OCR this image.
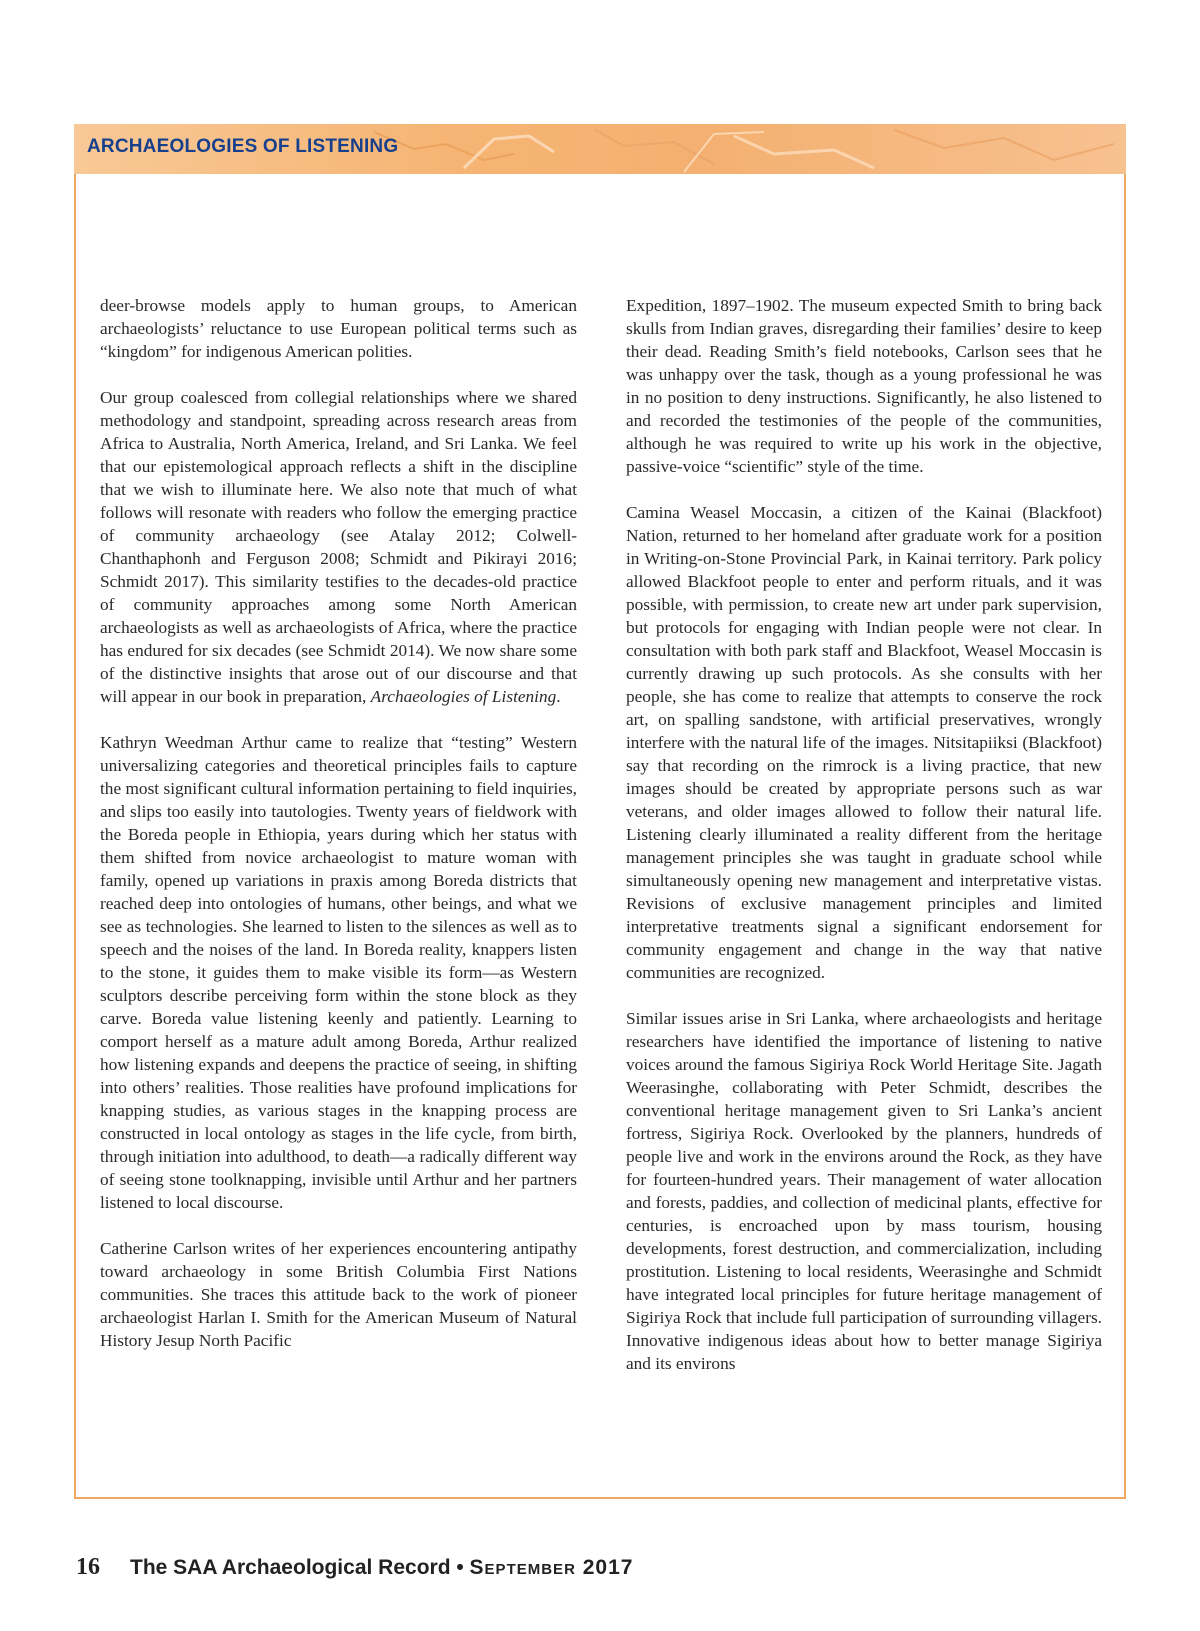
ARCHAEOLOGIES OF LISTENING

deer-browse models apply to human groups, to American archaeologists’ reluctance to use European political terms such as “kingdom” for indigenous American polities.

Our group coalesced from collegial relationships where we shared methodology and standpoint, spreading across research areas from Africa to Australia, North America, Ireland, and Sri Lanka. We feel that our epistemological approach reflects a shift in the discipline that we wish to illuminate here. We also note that much of what follows will resonate with readers who follow the emerging practice of community archaeology (see Atalay 2012; Colwell-Chanthaphonh and Ferguson 2008; Schmidt and Pikirayi 2016; Schmidt 2017). This similarity testifies to the decades-old practice of community approaches among some North American archaeologists as well as archaeologists of Africa, where the practice has endured for six decades (see Schmidt 2014). We now share some of the distinctive insights that arose out of our discourse and that will appear in our book in preparation, Archaeologies of Listening.

Kathryn Weedman Arthur came to realize that “testing” Western universalizing categories and theoretical principles fails to capture the most significant cultural information pertaining to field inquiries, and slips too easily into tautologies. Twenty years of fieldwork with the Boreda people in Ethiopia, years during which her status with them shifted from novice archaeologist to mature woman with family, opened up variations in praxis among Boreda districts that reached deep into ontologies of humans, other beings, and what we see as technologies. She learned to listen to the silences as well as to speech and the noises of the land. In Boreda reality, knappers listen to the stone, it guides them to make visible its form—as Western sculptors describe perceiving form within the stone block as they carve. Boreda value listening keenly and patiently. Learning to comport herself as a mature adult among Boreda, Arthur realized how listening expands and deepens the practice of seeing, in shifting into others’ realities. Those realities have profound implications for knapping studies, as various stages in the knapping process are constructed in local ontology as stages in the life cycle, from birth, through initiation into adulthood, to death—a radically different way of seeing stone toolknapping, invisible until Arthur and her partners listened to local discourse.

Catherine Carlson writes of her experiences encountering antipathy toward archaeology in some British Columbia First Nations communities. She traces this attitude back to the work of pioneer archaeologist Harlan I. Smith for the American Museum of Natural History Jesup North Pacific

Expedition, 1897–1902. The museum expected Smith to bring back skulls from Indian graves, disregarding their families’ desire to keep their dead. Reading Smith’s field notebooks, Carlson sees that he was unhappy over the task, though as a young professional he was in no position to deny instructions. Significantly, he also listened to and recorded the testimonies of the people of the communities, although he was required to write up his work in the objective, passive-voice “scientific” style of the time.

Camina Weasel Moccasin, a citizen of the Kainai (Blackfoot) Nation, returned to her homeland after graduate work for a position in Writing-on-Stone Provincial Park, in Kainai territory. Park policy allowed Blackfoot people to enter and perform rituals, and it was possible, with permission, to create new art under park supervision, but protocols for engaging with Indian people were not clear. In consultation with both park staff and Blackfoot, Weasel Moccasin is currently drawing up such protocols. As she consults with her people, she has come to realize that attempts to conserve the rock art, on spalling sandstone, with artificial preservatives, wrongly interfere with the natural life of the images. Nitsitapiiksi (Blackfoot) say that recording on the rimrock is a living practice, that new images should be created by appropriate persons such as war veterans, and older images allowed to follow their natural life. Listening clearly illuminated a reality different from the heritage management principles she was taught in graduate school while simultaneously opening new management and interpretative vistas. Revisions of exclusive management principles and limited interpretative treatments signal a significant endorsement for community engagement and change in the way that native communities are recognized.

Similar issues arise in Sri Lanka, where archaeologists and heritage researchers have identified the importance of listening to native voices around the famous Sigiriya Rock World Heritage Site. Jagath Weerasinghe, collaborating with Peter Schmidt, describes the conventional heritage management given to Sri Lanka’s ancient fortress, Sigiriya Rock. Overlooked by the planners, hundreds of people live and work in the environs around the Rock, as they have for fourteen-hundred years. Their management of water allocation and forests, paddies, and collection of medicinal plants, effective for centuries, is encroached upon by mass tourism, housing developments, forest destruction, and commercialization, including prostitution. Listening to local residents, Weerasinghe and Schmidt have integrated local principles for future heritage management of Sigiriya Rock that include full participation of surrounding villagers. Innovative indigenous ideas about how to better manage Sigiriya and its environs

16 The SAA Archaeological Record • September 2017
